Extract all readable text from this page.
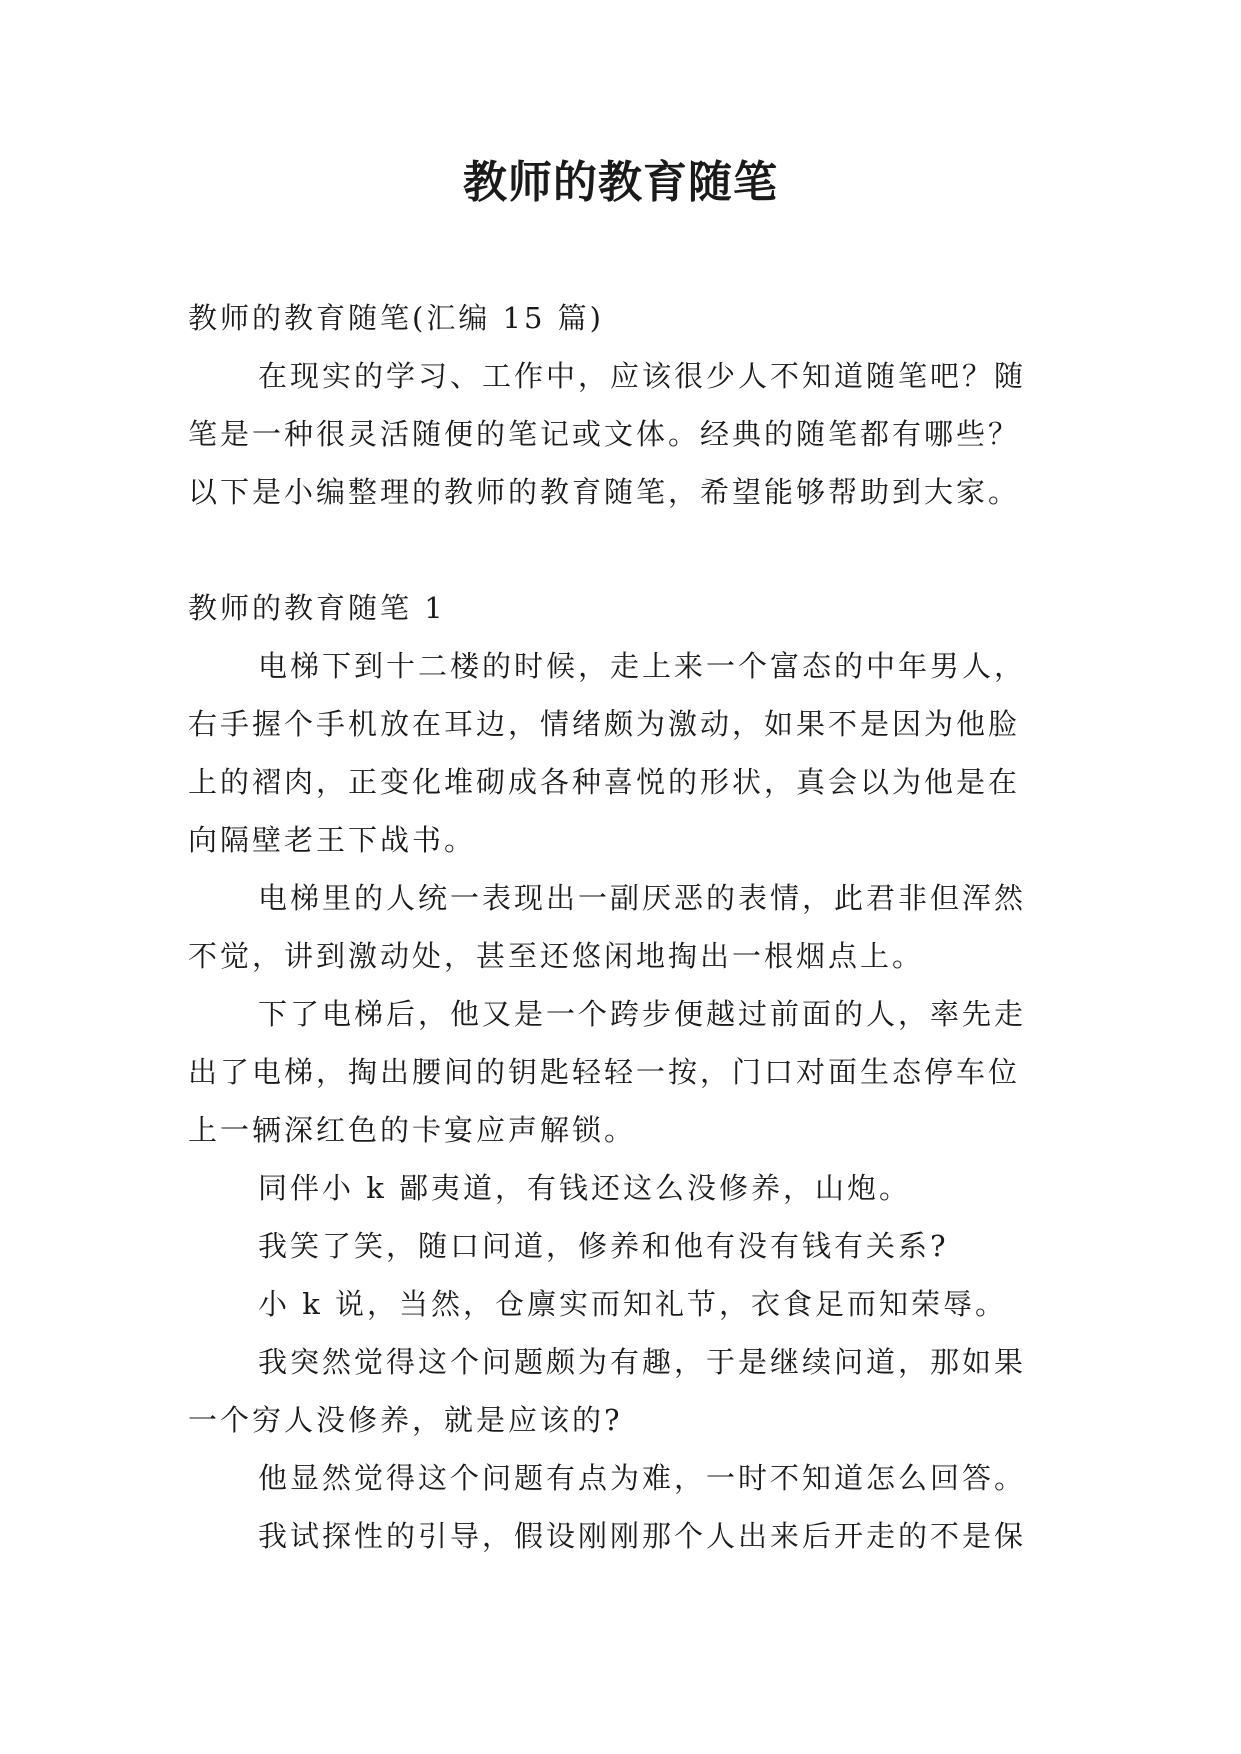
教师的教育随笔
教师的教育随笔(汇编 15 篇)
在现实的学习、工作中，应该很少人不知道随笔吧？随
笔是一种很灵活随便的笔记或文体。经典的随笔都有哪些？
以下是小编整理的教师的教育随笔，希望能够帮助到大家。
教师的教育随笔 1
电梯下到十二楼的时候，走上来一个富态的中年男人，
右手握个手机放在耳边，情绪颇为激动，如果不是因为他脸
上的褶肉，正变化堆砌成各种喜悦的形状，真会以为他是在
向隔壁老王下战书。
电梯里的人统一表现出一副厌恶的表情，此君非但浑然
不觉，讲到激动处，甚至还悠闲地掏出一根烟点上。
下了电梯后，他又是一个跨步便越过前面的人，率先走
出了电梯，掏出腰间的钥匙轻轻一按，门口对面生态停车位
上一辆深红色的卡宴应声解锁。
同伴小 k 鄙夷道，有钱还这么没修养，山炮。
我笑了笑，随口问道，修养和他有没有钱有关系?
小 k 说，当然，仓廪实而知礼节，衣食足而知荣辱。
我突然觉得这个问题颇为有趣，于是继续问道，那如果
一个穷人没修养，就是应该的?
他显然觉得这个问题有点为难，一时不知道怎么回答。
我试探性的引导，假设刚刚那个人出来后开走的不是保
